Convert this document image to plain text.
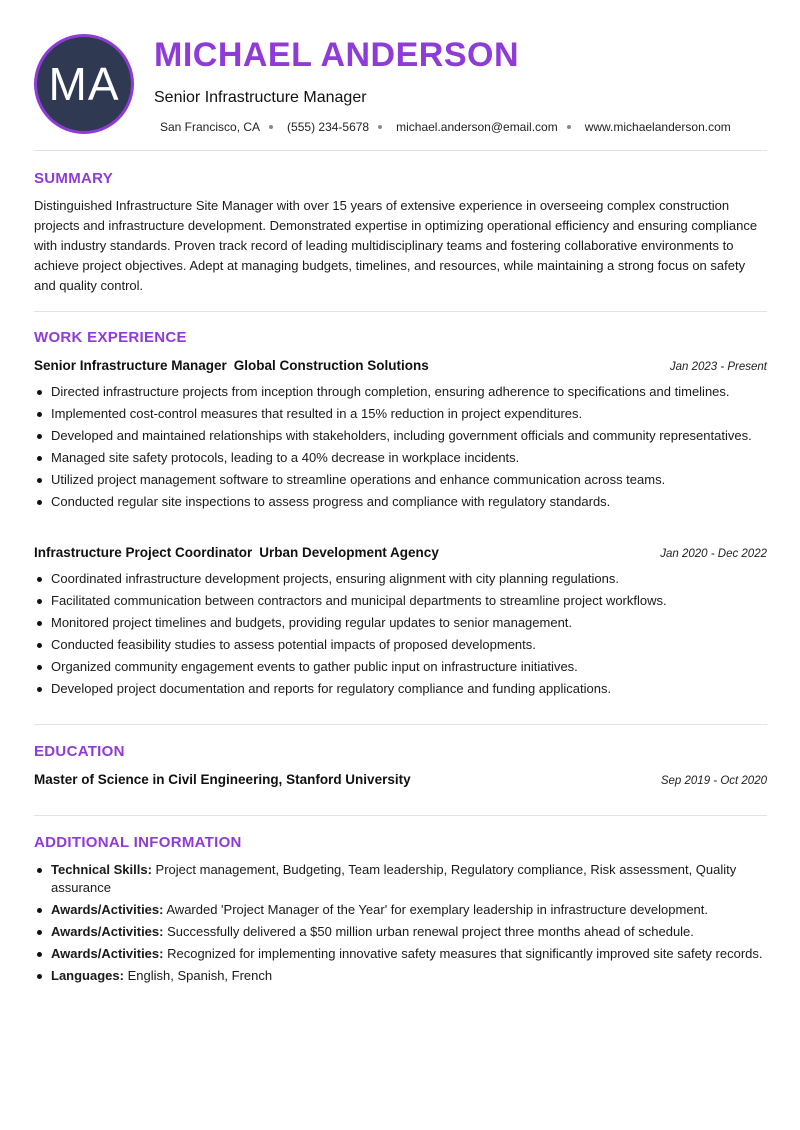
MA
MICHAEL ANDERSON
Senior Infrastructure Manager
San Francisco, CA (555) 234-5678 michael.anderson@email.com www.michaelanderson.com
SUMMARY
Distinguished Infrastructure Site Manager with over 15 years of extensive experience in overseeing complex construction projects and infrastructure development. Demonstrated expertise in optimizing operational efficiency and ensuring compliance with industry standards. Proven track record of leading multidisciplinary teams and fostering collaborative environments to achieve project objectives. Adept at managing budgets, timelines, and resources, while maintaining a strong focus on safety and quality control.
WORK EXPERIENCE
Senior Infrastructure Manager Global Construction Solutions	Jan 2023 - Present
Directed infrastructure projects from inception through completion, ensuring adherence to specifications and timelines.
Implemented cost-control measures that resulted in a 15% reduction in project expenditures.
Developed and maintained relationships with stakeholders, including government officials and community representatives.
Managed site safety protocols, leading to a 40% decrease in workplace incidents.
Utilized project management software to streamline operations and enhance communication across teams.
Conducted regular site inspections to assess progress and compliance with regulatory standards.
Infrastructure Project Coordinator Urban Development Agency	Jan 2020 - Dec 2022
Coordinated infrastructure development projects, ensuring alignment with city planning regulations.
Facilitated communication between contractors and municipal departments to streamline project workflows.
Monitored project timelines and budgets, providing regular updates to senior management.
Conducted feasibility studies to assess potential impacts of proposed developments.
Organized community engagement events to gather public input on infrastructure initiatives.
Developed project documentation and reports for regulatory compliance and funding applications.
EDUCATION
Master of Science in Civil Engineering, Stanford University	Sep 2019 - Oct 2020
ADDITIONAL INFORMATION
Technical Skills: Project management, Budgeting, Team leadership, Regulatory compliance, Risk assessment, Quality assurance
Awards/Activities: Awarded 'Project Manager of the Year' for exemplary leadership in infrastructure development.
Awards/Activities: Successfully delivered a $50 million urban renewal project three months ahead of schedule.
Awards/Activities: Recognized for implementing innovative safety measures that significantly improved site safety records.
Languages: English, Spanish, French
